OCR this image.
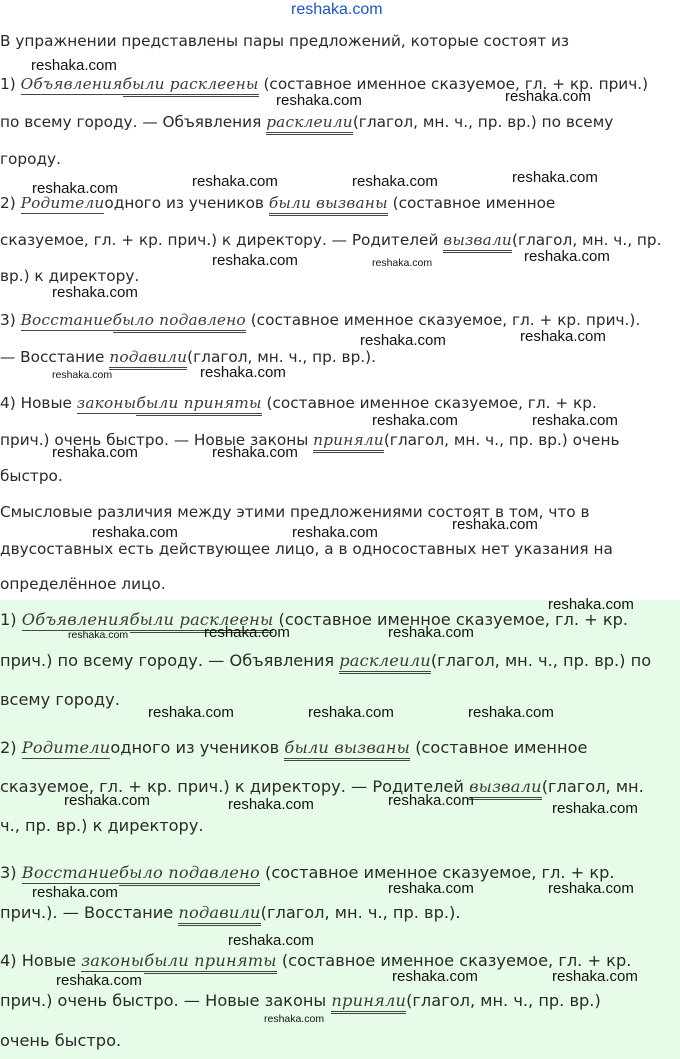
reshaka.com
В упражнении представлены пары предложений, которые состоят из
1) Объявлениябыли расклеены (составное именное сказуемое, гл. + кр. прич.)
по всему городу. — Объявления расклеили(глагол, мн. ч., пр. вр.) по всему
городу.
2) Родителиодного из учеников были вызваны (составное именное
сказуемое, гл. + кр. прич.) к директору. — Родителей вызвали(глагол, мн. ч., пр.
вр.) к директору.
3) Восстаниебыло подавлено (составное именное сказуемое, гл. + кр. прич.).
— Восстание подавили(глагол, мн. ч., пр. вр.).
4) Новые законыбыли приняты (составное именное сказуемое, гл. + кр.
прич.) очень быстро. — Новые законы приняли(глагол, мн. ч., пр. вр.) очень
быстро.
Смысловые различия между этими предложениями состоят в том, что в
двусоставных есть действующее лицо, а в односоставных нет указания на
определённое лицо.
1) Объявлениябыли расклеены (составное именное сказуемое, гл. + кр.
прич.) по всему городу. — Объявления расклеили(глагол, мн. ч., пр. вр.) по
всему городу.
2) Родителиодного из учеников были вызваны (составное именное
сказуемое, гл. + кр. прич.) к директору. — Родителей вызвали(глагол, мн.
ч., пр. вр.) к директору.
3) Восстаниебыло подавлено (составное именное сказуемое, гл. + кр.
прич.). — Восстание подавили(глагол, мн. ч., пр. вр.).
4) Новые законыбыли приняты (составное именное сказуемое, гл. + кр.
прич.) очень быстро. — Новые законы приняли(глагол, мн. ч., пр. вр.)
очень быстро.
reshaka.com
reshaka.com	reshaka.com
reshaka.com	reshaka.com	reshaka.com	reshaka.com
reshaka.com	reshaka.com	reshaka.com
reshaka.com
reshaka.com	reshaka.com
reshaka.com	reshaka.com
reshaka.com	reshaka.com
reshaka.com	reshaka.com
reshaka.com
reshaka.com	reshaka.com
reshaka.com
reshaka.com	reshaka.com	reshaka.com
reshaka.com	reshaka.com	reshaka.com
reshaka.com	reshaka.com	reshaka.com	reshaka.com
reshaka.com	reshaka.com	reshaka.com
reshaka.com
reshaka.com	reshaka.com	reshaka.com
reshaka.com
